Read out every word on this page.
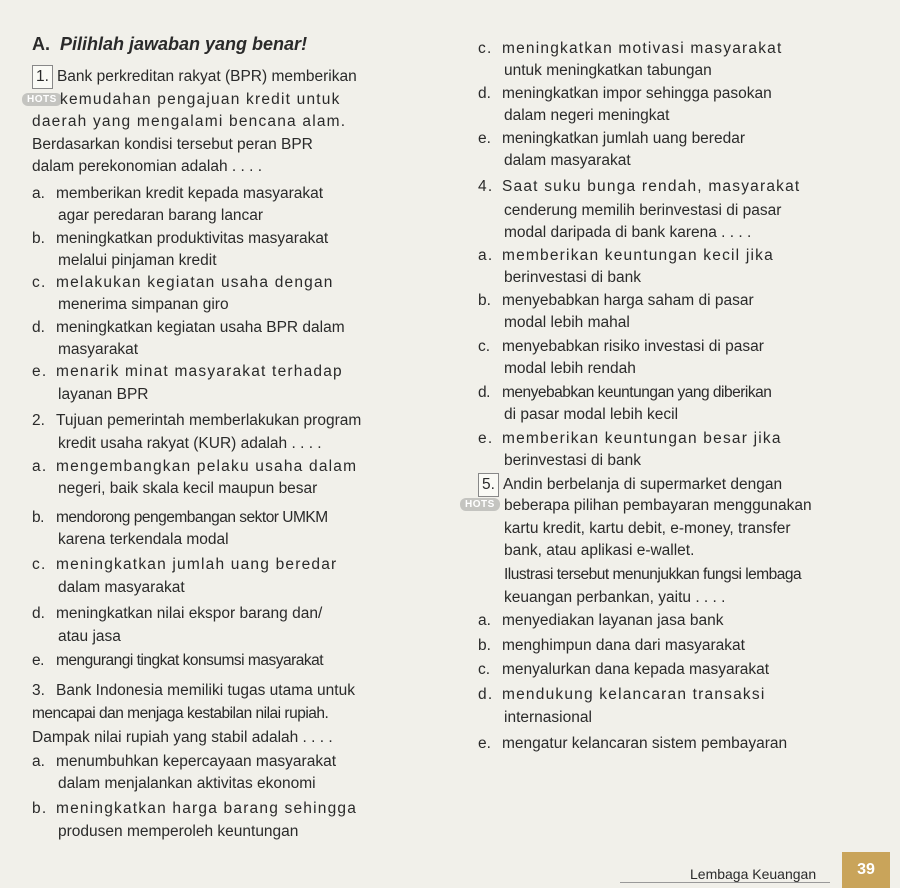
A. Pilihlah jawaban yang benar!
1. Bank perkreditan rakyat (BPR) memberikan
HOTS kemudahan pengajuan kredit untuk
daerah yang mengalami bencana alam.
Berdasarkan kondisi tersebut peran BPR
dalam perekonomian adalah . . . .
a. memberikan kredit kepada masyarakat
agar peredaran barang lancar
b. meningkatkan produktivitas masyarakat
melalui pinjaman kredit
c. melakukan kegiatan usaha dengan
menerima simpanan giro
d. meningkatkan kegiatan usaha BPR dalam
masyarakat
e. menarik minat masyarakat terhadap
layanan BPR
2. Tujuan pemerintah memberlakukan program
kredit usaha rakyat (KUR) adalah . . . .
a. mengembangkan pelaku usaha dalam
negeri, baik skala kecil maupun besar
b. mendorong pengembangan sektor UMKM
karena terkendala modal
c. meningkatkan jumlah uang beredar
dalam masyarakat
d. meningkatkan nilai ekspor barang dan/
atau jasa
e. mengurangi tingkat konsumsi masyarakat
3. Bank Indonesia memiliki tugas utama untuk
mencapai dan menjaga kestabilan nilai rupiah.
Dampak nilai rupiah yang stabil adalah . . . .
a. menumbuhkan kepercayaan masyarakat
dalam menjalankan aktivitas ekonomi
b. meningkatkan harga barang sehingga
produsen memperoleh keuntungan
c. meningkatkan motivasi masyarakat
untuk meningkatkan tabungan
d. meningkatkan impor sehingga pasokan
dalam negeri meningkat
e. meningkatkan jumlah uang beredar
dalam masyarakat
4. Saat suku bunga rendah, masyarakat
cenderung memilih berinvestasi di pasar
modal daripada di bank karena . . . .
a. memberikan keuntungan kecil jika
berinvestasi di bank
b. menyebabkan harga saham di pasar
modal lebih mahal
c. menyebabkan risiko investasi di pasar
modal lebih rendah
d. menyebabkan keuntungan yang diberikan
di pasar modal lebih kecil
e. memberikan keuntungan besar jika
berinvestasi di bank
5. Andin berbelanja di supermarket dengan
HOTS beberapa pilihan pembayaran menggunakan
kartu kredit, kartu debit, e-money, transfer
bank, atau aplikasi e-wallet.
Ilustrasi tersebut menunjukkan fungsi lembaga
keuangan perbankan, yaitu . . . .
a. menyediakan layanan jasa bank
b. menghimpun dana dari masyarakat
c. menyalurkan dana kepada masyarakat
d. mendukung kelancaran transaksi
internasional
e. mengatur kelancaran sistem pembayaran
Lembaga Keuangan	39
